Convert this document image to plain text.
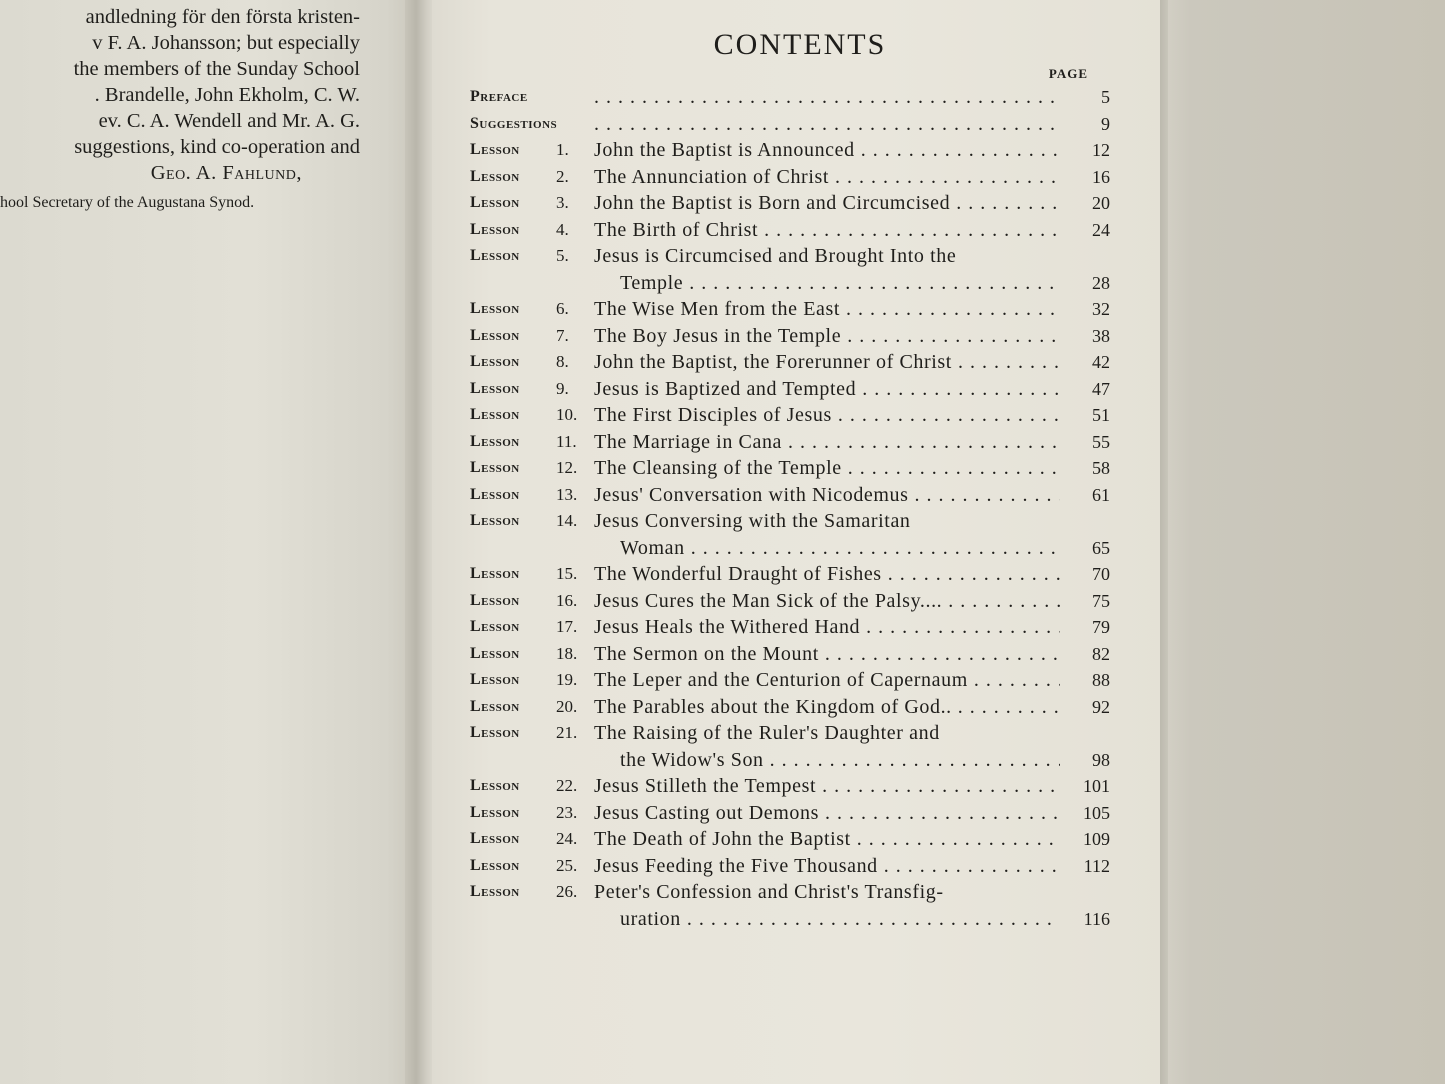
andledning för den första kristen-
v F. A. Johansson; but especially
the members of the Sunday School
. Brandelle, John Ekholm, C. W.
ev. C. A. Wendell and Mr. A. G.
suggestions, kind co-operation and
Geo. A. Fahlund,
hool Secretary of the Augustana Synod.
CONTENTS
PAGE
Preface . . .	5
Suggestions . . .	9
Lesson	1.	John the Baptist is Announced . . .	12
Lesson	2.	The Annunciation of Christ . . .	16
Lesson	3.	John the Baptist is Born and Circumcised . . .	20
Lesson	4.	The Birth of Christ . . .	24
Lesson	5.	Jesus is Circumcised and Brought Into the
Temple . . .	28
Lesson	6.	The Wise Men from the East . . .	32
Lesson	7.	The Boy Jesus in the Temple . . .	38
Lesson	8.	John the Baptist, the Forerunner of Christ . . .	42
Lesson	9.	Jesus is Baptized and Tempted . . .	47
Lesson	10. The First Disciples of Jesus . . .	51
Lesson	11. The Marriage in Cana . . .	55
Lesson	12. The Cleansing of the Temple . . .	58
Lesson	13. Jesus' Conversation with Nicodemus . . .	61
Lesson	14. Jesus Conversing with the Samaritan
Woman . . .	65
Lesson	15. The Wonderful Draught of Fishes . . .	70
Lesson	16. Jesus Cures the Man Sick of the Palsy.... . . .	75
Lesson	17. Jesus Heals the Withered Hand . . .	79
Lesson	18. The Sermon on the Mount . . .	82
Lesson	19. The Leper and the Centurion of Capernaum . . .	88
Lesson	20. The Parables about the Kingdom of God.. . . .	92
Lesson	21. The Raising of the Ruler's Daughter and
the Widow's Son . . .	98
Lesson	22. Jesus Stilleth the Tempest . . .	101
Lesson	23. Jesus Casting out Demons . . .	105
Lesson	24. The Death of John the Baptist . . .	109
Lesson	25. Jesus Feeding the Five Thousand . . .	112
Lesson	26. Peter's Confession and Christ's Transfig-
uration . . .	116
